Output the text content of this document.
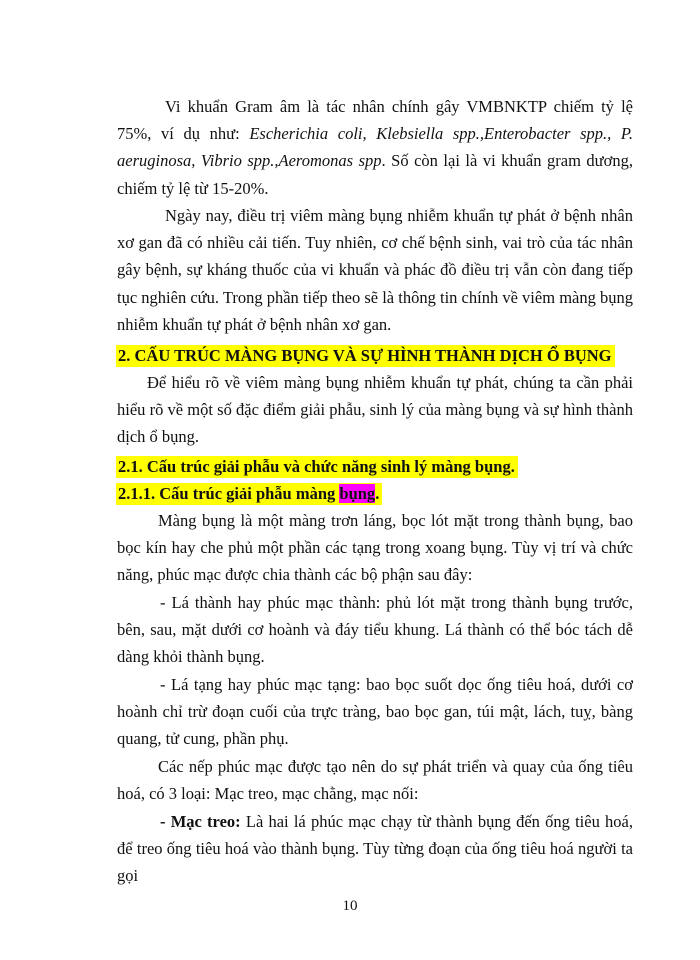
Vi khuẩn Gram âm là tác nhân chính gây VMBNKTP chiếm tỷ lệ 75%, ví dụ như: Escherichia coli, Klebsiella spp.,Enterobacter spp., P. aeruginosa, Vibrio spp.,Aeromonas spp. Số còn lại là vi khuẩn gram dương, chiếm tỷ lệ từ 15-20%.

Ngày nay, điều trị viêm màng bụng nhiễm khuẩn tự phát ở bệnh nhân xơ gan đã có nhiều cải tiến. Tuy nhiên, cơ chế bệnh sinh, vai trò của tác nhân gây bệnh, sự kháng thuốc của vi khuẩn và phác đồ điều trị vẫn còn đang tiếp tục nghiên cứu. Trong phần tiếp theo sẽ là thông tin chính về viêm màng bụng nhiễm khuẩn tự phát ở bệnh nhân xơ gan.

2. CẤU TRÚC MÀNG BỤNG VÀ SỰ HÌNH THÀNH DỊCH Ổ BỤNG

Để hiểu rõ về viêm màng bụng nhiễm khuẩn tự phát, chúng ta cần phải hiểu rõ về một số đặc điểm giải phẫu, sinh lý của màng bụng và sự hình thành dịch ổ bụng.

2.1. Cấu trúc giải phẫu và chức năng sinh lý màng bụng.

2.1.1. Cấu trúc giải phẫu màng bụng.

Màng bụng là một màng trơn láng, bọc lót mặt trong thành bụng, bao bọc kín hay che phủ một phần các tạng trong xoang bụng. Tùy vị trí và chức năng, phúc mạc được chia thành các bộ phận sau đây:

- Lá thành hay phúc mạc thành: phủ lót mặt trong thành bụng trước, bên, sau, mặt dưới cơ hoành và đáy tiểu khung. Lá thành có thể bóc tách dễ dàng khỏi thành bụng.

- Lá tạng hay phúc mạc tạng: bao bọc suốt dọc ống tiêu hoá, dưới cơ hoành chỉ trừ đoạn cuối của trực tràng, bao bọc gan, túi mật, lách, tuỵ, bàng quang, tử cung, phần phụ.

Các nếp phúc mạc được tạo nên do sự phát triển và quay của ống tiêu hoá, có 3 loại: Mạc treo, mạc chằng, mạc nối:

- Mạc treo: Là hai lá phúc mạc chạy từ thành bụng đến ống tiêu hoá, để treo ống tiêu hoá vào thành bụng. Tùy từng đoạn của ống tiêu hoá người ta gọi

10
